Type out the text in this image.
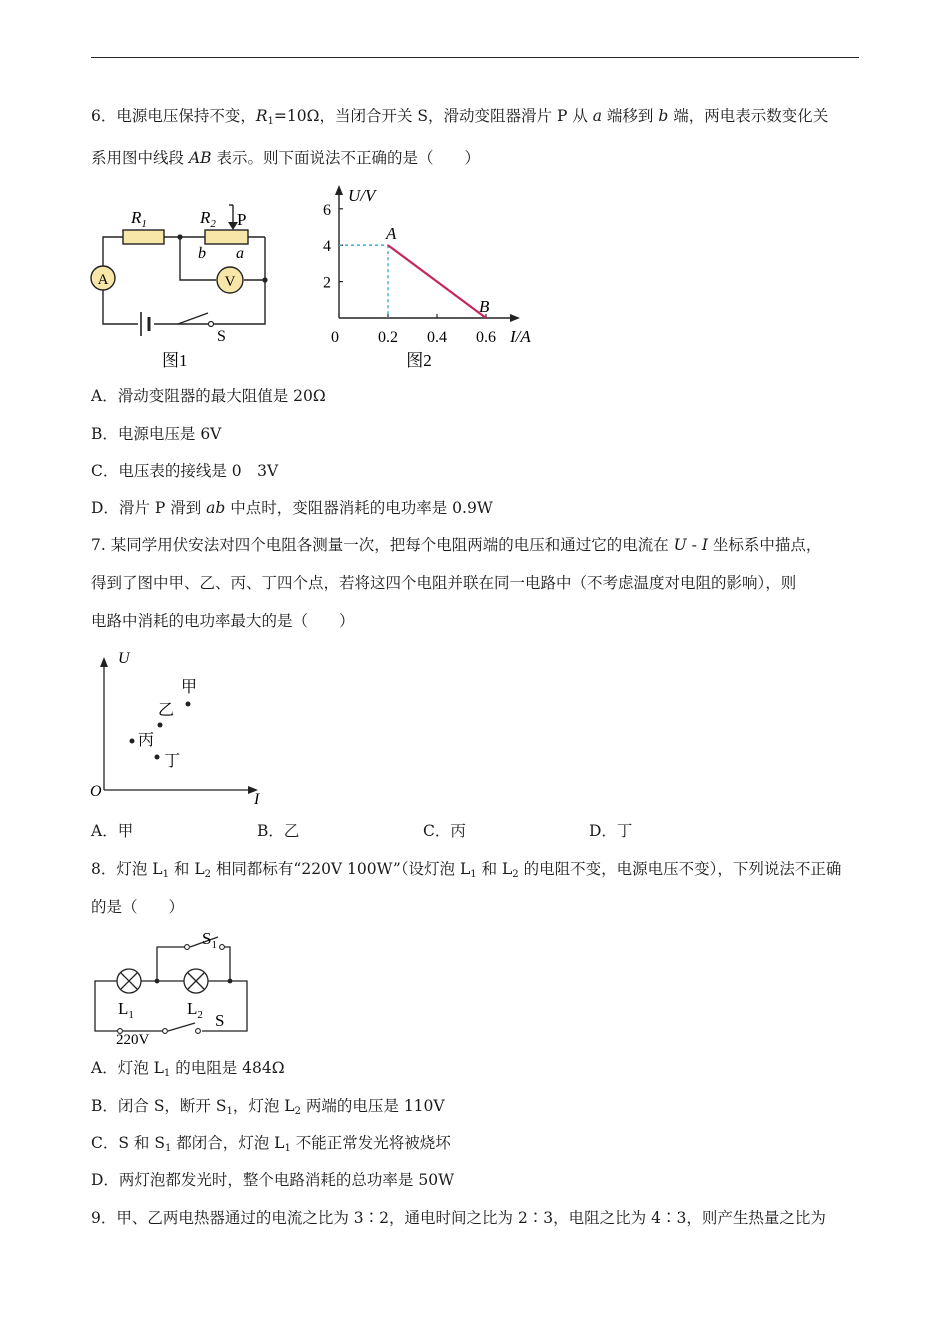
6．电源电压保持不变，$R_1=10\Omega$，当闭合开关 S，滑动变阻器滑片 P 从 a 端移到 b 端，两电表示数变化关
系用图中线段 AB 表示。则下面说法不正确的是（　　）
A	V
$R_1$	$R_2$ P
b a
S
图1
0.2 0.4 0.6
2
4
6
A
B
U/V
I/A
0
图2
A．滑动变阻器的最大阻值是 20Ω
B．电源电压是 6V
C．电压表的接线是 0　3V
D．滑片 P 滑到 ab 中点时，变阻器消耗的电功率是 0.9W
7. 某同学用伏安法对四个电阻各测量一次，把每个电阻两端的电压和通过它的电流在 U - I 坐标系中描点，
得到了图中甲、乙、丙、丁四个点，若将这四个电阻并联在同一电路中（不考虑温度对电阻的影响），则
电路中消耗的电功率最大的是（　　）
U
I
O
甲
乙
丙
丁
A．甲	B．乙	C．丙	D．丁
8．灯泡 $L_1$ 和 $L_2$ 相同都标有“220V 100W”（设灯泡 $L_1$ 和 $L_2$ 的电阻不变，电源电压不变），下列说法不正确
的是（　　）
$S_1$
$L_1$	$L_2$
220V
S
A．灯泡 $L_1$ 的电阻是 484Ω
B．闭合 S，断开 $S_1$，灯泡 $L_2$ 两端的电压是 110V
C．S 和 $S_1$ 都闭合，灯泡 $L_1$ 不能正常发光将被烧坏
D．两灯泡都发光时，整个电路消耗的总功率是 50W
9．甲、乙两电热器通过的电流之比为 3∶2，通电时间之比为 2∶3，电阻之比为 4∶3，则产生热量之比为
